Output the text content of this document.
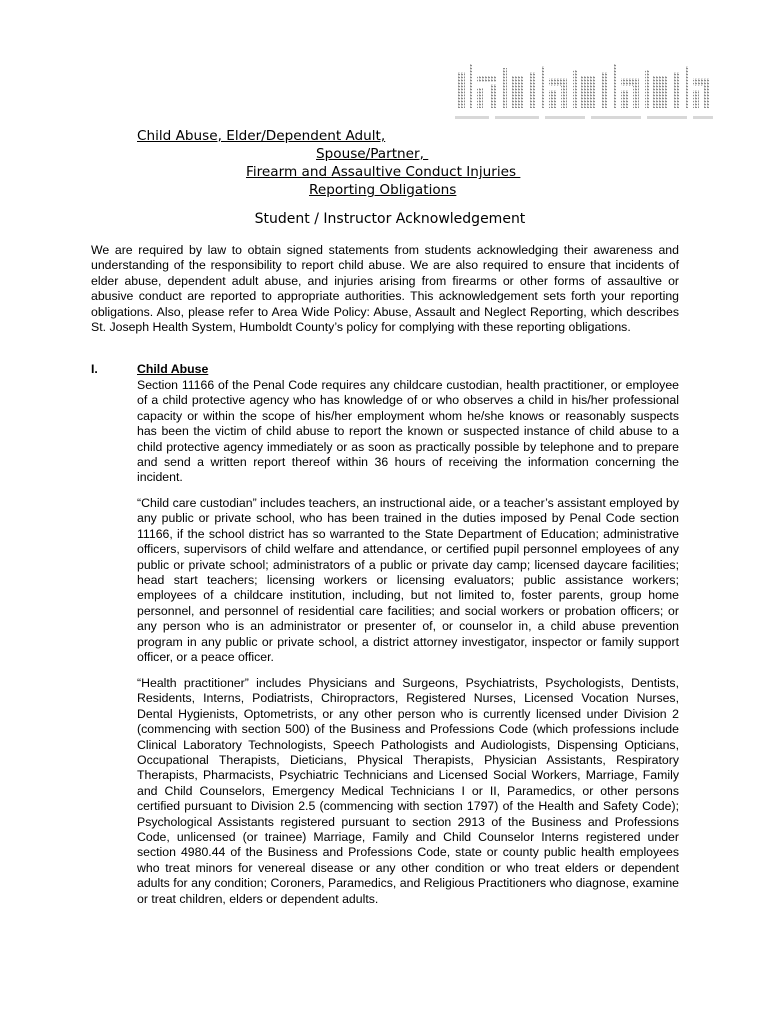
Child Abuse, Elder/Dependent Adult,
Spouse/Partner,
Firearm and Assaultive Conduct Injuries
Reporting Obligations
Student / Instructor Acknowledgement

We are required by law to obtain signed statements from students acknowledging their awareness and understanding of the responsibility to report child abuse. We are also required to ensure that incidents of elder abuse, dependent adult abuse, and injuries arising from firearms or other forms of assaultive or abusive conduct are reported to appropriate authorities. This acknowledgement sets forth your reporting obligations. Also, please refer to Area Wide Policy: Abuse, Assault and Neglect Reporting, which describes St. Joseph Health System, Humboldt County’s policy for complying with these reporting obligations.

I.	Child Abuse

Section 11166 of the Penal Code requires any childcare custodian, health practitioner, or employee of a child protective agency who has knowledge of or who observes a child in his/her professional capacity or within the scope of his/her employment whom he/she knows or reasonably suspects has been the victim of child abuse to report the known or suspected instance of child abuse to a child protective agency immediately or as soon as practically possible by telephone and to prepare and send a written report thereof within 36 hours of receiving the information concerning the incident.

“Child care custodian” includes teachers, an instructional aide, or a teacher’s assistant employed by any public or private school, who has been trained in the duties imposed by Penal Code section 11166, if the school district has so warranted to the State Department of Education; administrative officers, supervisors of child welfare and attendance, or certified pupil personnel employees of any public or private school; administrators of a public or private day camp; licensed daycare facilities; head start teachers; licensing workers or licensing evaluators; public assistance workers; employees of a childcare institution, including, but not limited to, foster parents, group home personnel, and personnel of residential care facilities; and social workers or probation officers; or any person who is an administrator or presenter of, or counselor in, a child abuse prevention program in any public or private school, a district attorney investigator, inspector or family support officer, or a peace officer.

“Health practitioner” includes Physicians and Surgeons, Psychiatrists, Psychologists, Dentists, Residents, Interns, Podiatrists, Chiropractors, Registered Nurses, Licensed Vocation Nurses, Dental Hygienists, Optometrists, or any other person who is currently licensed under Division 2 (commencing with section 500) of the Business and Professions Code (which professions include Clinical Laboratory Technologists, Speech Pathologists and Audiologists, Dispensing Opticians, Occupational Therapists, Dieticians, Physical Therapists, Physician Assistants, Respiratory Therapists, Pharmacists, Psychiatric Technicians and Licensed Social Workers, Marriage, Family and Child Counselors, Emergency Medical Technicians I or II, Paramedics, or other persons certified pursuant to Division 2.5 (commencing with section 1797) of the Health and Safety Code); Psychological Assistants registered pursuant to section 2913 of the Business and Professions Code, unlicensed (or trainee) Marriage, Family and Child Counselor Interns registered under section 4980.44 of the Business and Professions Code, state or county public health employees who treat minors for venereal disease or any other condition or who treat elders or dependent adults for any condition; Coroners, Paramedics, and Religious Practitioners who diagnose, examine or treat children, elders or dependent adults.
